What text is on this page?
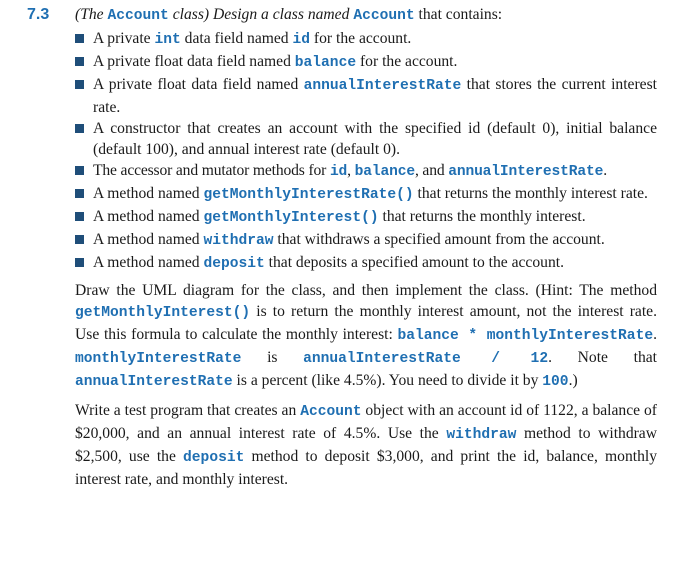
7.3 (The Account class) Design a class named Account that contains:
A private int data field named id for the account.
A private float data field named balance for the account.
A private float data field named annualInterestRate that stores the current interest rate.
A constructor that creates an account with the specified id (default 0), initial balance (default 100), and annual interest rate (default 0).
The accessor and mutator methods for id, balance, and annualInterestRate.
A method named getMonthlyInterestRate() that returns the monthly interest rate.
A method named getMonthlyInterest() that returns the monthly interest.
A method named withdraw that withdraws a specified amount from the account.
A method named deposit that deposits a specified amount to the account.

Draw the UML diagram for the class, and then implement the class. (Hint: The method getMonthlyInterest() is to return the monthly interest amount, not the interest rate. Use this formula to calculate the monthly interest: balance * monthlyInterestRate. monthlyInterestRate is annualInterestRate / 12. Note that annualInterestRate is a percent (like 4.5%). You need to divide it by 100.)

Write a test program that creates an Account object with an account id of 1122, a balance of $20,000, and an annual interest rate of 4.5%. Use the withdraw method to withdraw $2,500, use the deposit method to deposit $3,000, and print the id, balance, monthly interest rate, and monthly interest.
